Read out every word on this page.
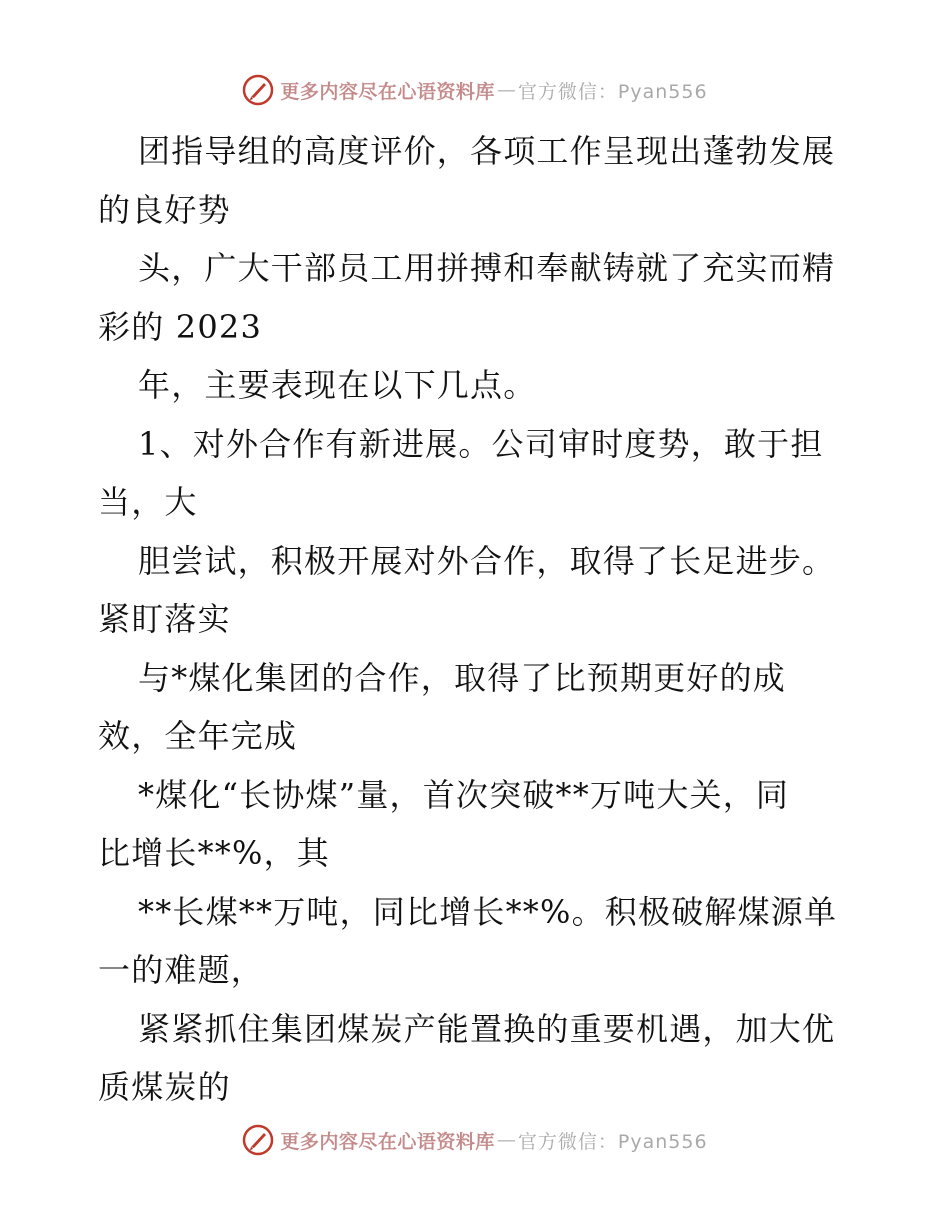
更多内容尽在心语资料库 — 官方微信：Pyan556
团指导组的高度评价，各项工作呈现出蓬勃发展
的良好势
头，广大干部员工用拼搏和奉献铸就了充实而精
彩的 2023
年，主要表现在以下几点。
1、对外合作有新进展。公司审时度势，敢于担
当，大
胆尝试，积极开展对外合作，取得了长足进步。
紧盯落实
与*煤化集团的合作，取得了比预期更好的成
效，全年完成
*煤化“长协煤”量，首次突破**万吨大关，同
比增长**%，其
**长煤**万吨，同比增长**%。积极破解煤源单
一的难题，
紧紧抓住集团煤炭产能置换的重要机遇，加大优
质煤炭的
更多内容尽在心语资料库 — 官方微信：Pyan556
